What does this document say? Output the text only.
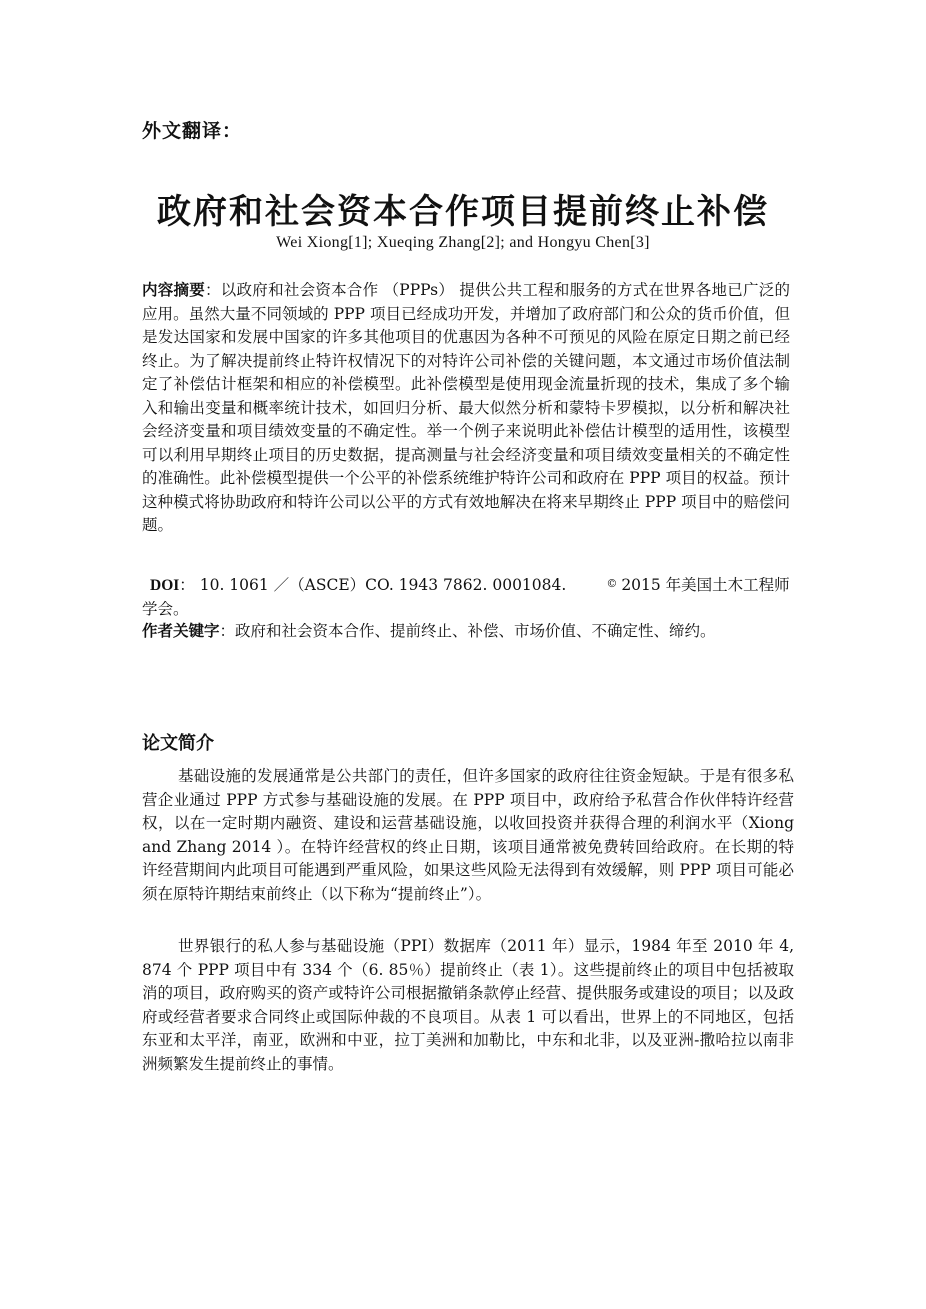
外文翻译：
政府和社会资本合作项目提前终止补偿
Wei Xiong[1]; Xueqing Zhang[2]; and Hongyu Chen[3]
内容摘要：以政府和社会资本合作 （PPPs） 提供公共工程和服务的方式在世界各地已广泛的应用。虽然大量不同领域的 PPP 项目已经成功开发，并增加了政府部门和公众的货币价值，但是发达国家和发展中国家的许多其他项目的优惠因为各种不可预见的风险在原定日期之前已经终止。为了解决提前终止特许权情况下的对特许公司补偿的关键问题，本文通过市场价值法制定了补偿估计框架和相应的补偿模型。此补偿模型是使用现金流量折现的技术，集成了多个输入和输出变量和概率统计技术，如回归分析、最大似然分析和蒙特卡罗模拟，以分析和解决社会经济变量和项目绩效变量的不确定性。举一个例子来说明此补偿估计模型的适用性，该模型可以利用早期终止项目的历史数据，提高测量与社会经济变量和项目绩效变量相关的不确定性的准确性。此补偿模型提供一个公平的补偿系统维护特许公司和政府在 PPP 项目的权益。预计这种模式将协助政府和特许公司以公平的方式有效地解决在将来早期终止 PPP 项目中的赔偿问题。
DOI： 10. 1061 ／（ASCE）CO. 1943 7862. 0001084.	© 2015 年美国土木工程师学会。
作者关键字：政府和社会资本合作、提前终止、补偿、市场价值、不确定性、缔约。
论文简介

基础设施的发展通常是公共部门的责任，但许多国家的政府往往资金短缺。于是有很多私营企业通过 PPP 方式参与基础设施的发展。在 PPP 项目中，政府给予私营合作伙伴特许经营权，以在一定时期内融资、建设和运营基础设施，以收回投资并获得合理的利润水平（Xiong and Zhang 2014 ）。在特许经营权的终止日期，该项目通常被免费转回给政府。在长期的特许经营期间内此项目可能遇到严重风险，如果这些风险无法得到有效缓解，则 PPP 项目可能必须在原特许期结束前终止（以下称为“提前终止”）。

世界银行的私人参与基础设施（PPI）数据库（2011 年）显示，1984 年至 2010 年 4, 874 个 PPP 项目中有 334 个（6. 85％）提前终止（表 1）。这些提前终止的项目中包括被取消的项目，政府购买的资产或特许公司根据撤销条款停止经营、提供服务或建设的项目；以及政府或经营者要求合同终止或国际仲裁的不良项目。从表 1 可以看出，世界上的不同地区，包括东亚和太平洋，南亚，欧洲和中亚，拉丁美洲和加勒比，中东和北非，以及亚洲-撒哈拉以南非洲频繁发生提前终止的事情。
